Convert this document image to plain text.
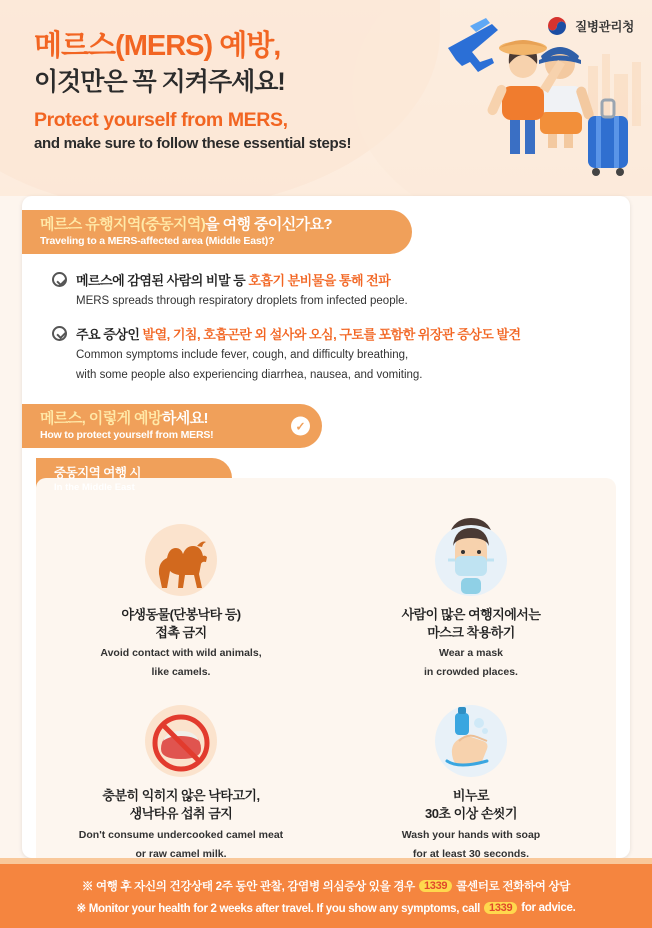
질병관리청
메르스(MERS) 예방,
이것만은 꼭 지켜주세요!
Protect yourself from MERS,
and make sure to follow these essential steps!
메르스 유행지역(중동지역)을 여행 중이신가요?
Traveling to a MERS-affected area (Middle East)?
메르스에 감염된 사람의 비말 등 호흡기 분비물을 통해 전파
MERS spreads through respiratory droplets from infected people.
주요 증상인 발열, 기침, 호흡곤란 외 설사와 오심, 구토를 포함한 위장관 증상도 발견
Common symptoms include fever, cough, and difficulty breathing,
with some people also experiencing diarrhea, nausea, and vomiting.
메르스, 이렇게 예방하세요!
How to protect yourself from MERS!
✓
중동지역 여행 시
In the Middle East
야생동물(단봉낙타 등)
접촉 금지
Avoid contact with wild animals,
like camels.
사람이 많은 여행지에서는
마스크 착용하기
Wear a mask
in crowded places.
충분히 익히지 않은 낙타고기,
생낙타유 섭취 금지
Don't consume undercooked camel meat
or raw camel milk.
비누로
30초 이상 손씻기
Wash your hands with soap
for at least 30 seconds.
※ 여행 후 자신의 건강상태 2주 동안 관찰, 감염병 의심증상 있을 경우 1339 콜센터로 전화하여 상담
※ Monitor your health for 2 weeks after travel. If you show any symptoms, call 1339 for advice.
